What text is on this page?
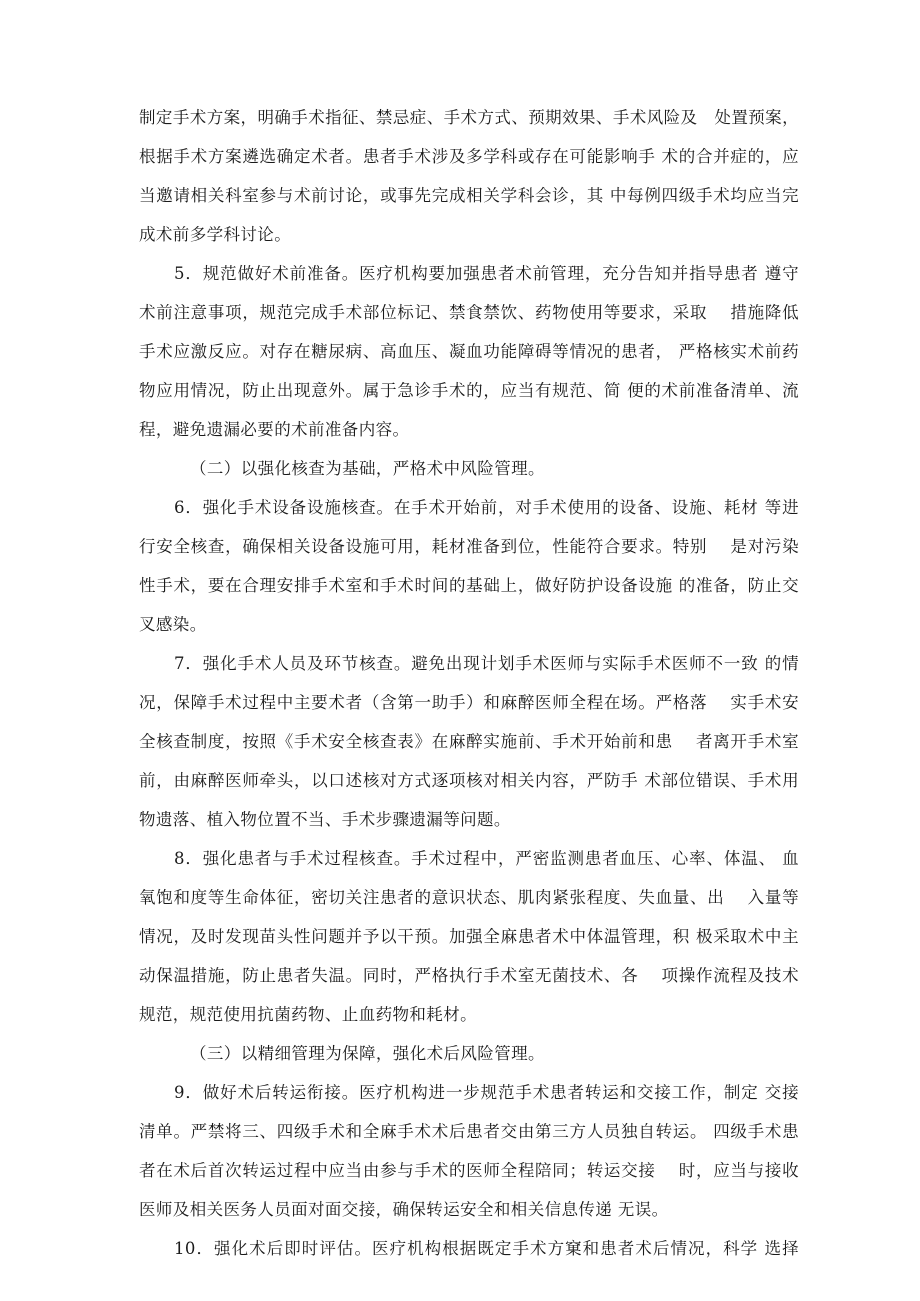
制定手术方案，明确手术指征、禁忌症、手术方式、预期效果、手术风险及　处置预案，
根据手术方案遴选确定术者。患者手术涉及多学科或存在可能影响手 术的合并症的，应
当邀请相关科室参与术前讨论，或事先完成相关学科会诊，其 中每例四级手术均应当完
成术前多学科讨论。
5．规范做好术前准备。医疗机构要加强患者术前管理，充分告知并指导患者 遵守
术前注意事项，规范完成手术部位标记、禁食禁饮、药物使用等要求，采取　 措施降低
手术应激反应。对存在糖尿病、高血压、凝血功能障碍等情况的患者， 严格核实术前药
物应用情况，防止出现意外。属于急诊手术的，应当有规范、简 便的术前准备清单、流
程，避免遗漏必要的术前准备内容。
（二）以强化核查为基础，严格术中风险管理。
6．强化手术设备设施核查。在手术开始前，对手术使用的设备、设施、耗材 等进
行安全核查，确保相关设备设施可用，耗材准备到位，性能符合要求。特别　 是对污染
性手术，要在合理安排手术室和手术时间的基础上，做好防护设备设施 的准备，防止交
叉感染。
7．强化手术人员及环节核查。避免出现计划手术医师与实际手术医师不一致 的情
况，保障手术过程中主要术者（含第一助手）和麻醉医师全程在场。严格落　 实手术安
全核查制度，按照《手术安全核查表》在麻醉实施前、手术开始前和患　 者离开手术室
前，由麻醉医师牵头，以口述核对方式逐项核对相关内容，严防手 术部位错误、手术用
物遗落、植入物位置不当、手术步骤遗漏等问题。
8．强化患者与手术过程核查。手术过程中，严密监测患者血压、心率、体温、 血
氧饱和度等生命体征，密切关注患者的意识状态、肌肉紧张程度、失血量、出　 入量等
情况，及时发现苗头性问题并予以干预。加强全麻患者术中体温管理，积 极采取术中主
动保温措施，防止患者失温。同时，严格执行手术室无菌技术、各　 项操作流程及技术
规范，规范使用抗菌药物、止血药物和耗材。
（三）以精细管理为保障，强化术后风险管理。
9．做好术后转运衔接。医疗机构进一步规范手术患者转运和交接工作，制定 交接
清单。严禁将三、四级手术和全麻手术术后患者交由第三方人员独自转运。 四级手术患
者在术后首次转运过程中应当由参与手术的医师全程陪同；转运交接　 时，应当与接收
医师及相关医务人员面对面交接，确保转运安全和相关信息传递 无误。
10．强化术后即时评估。医疗机构根据既定手术方窠和患者术后情况，科学 选择
